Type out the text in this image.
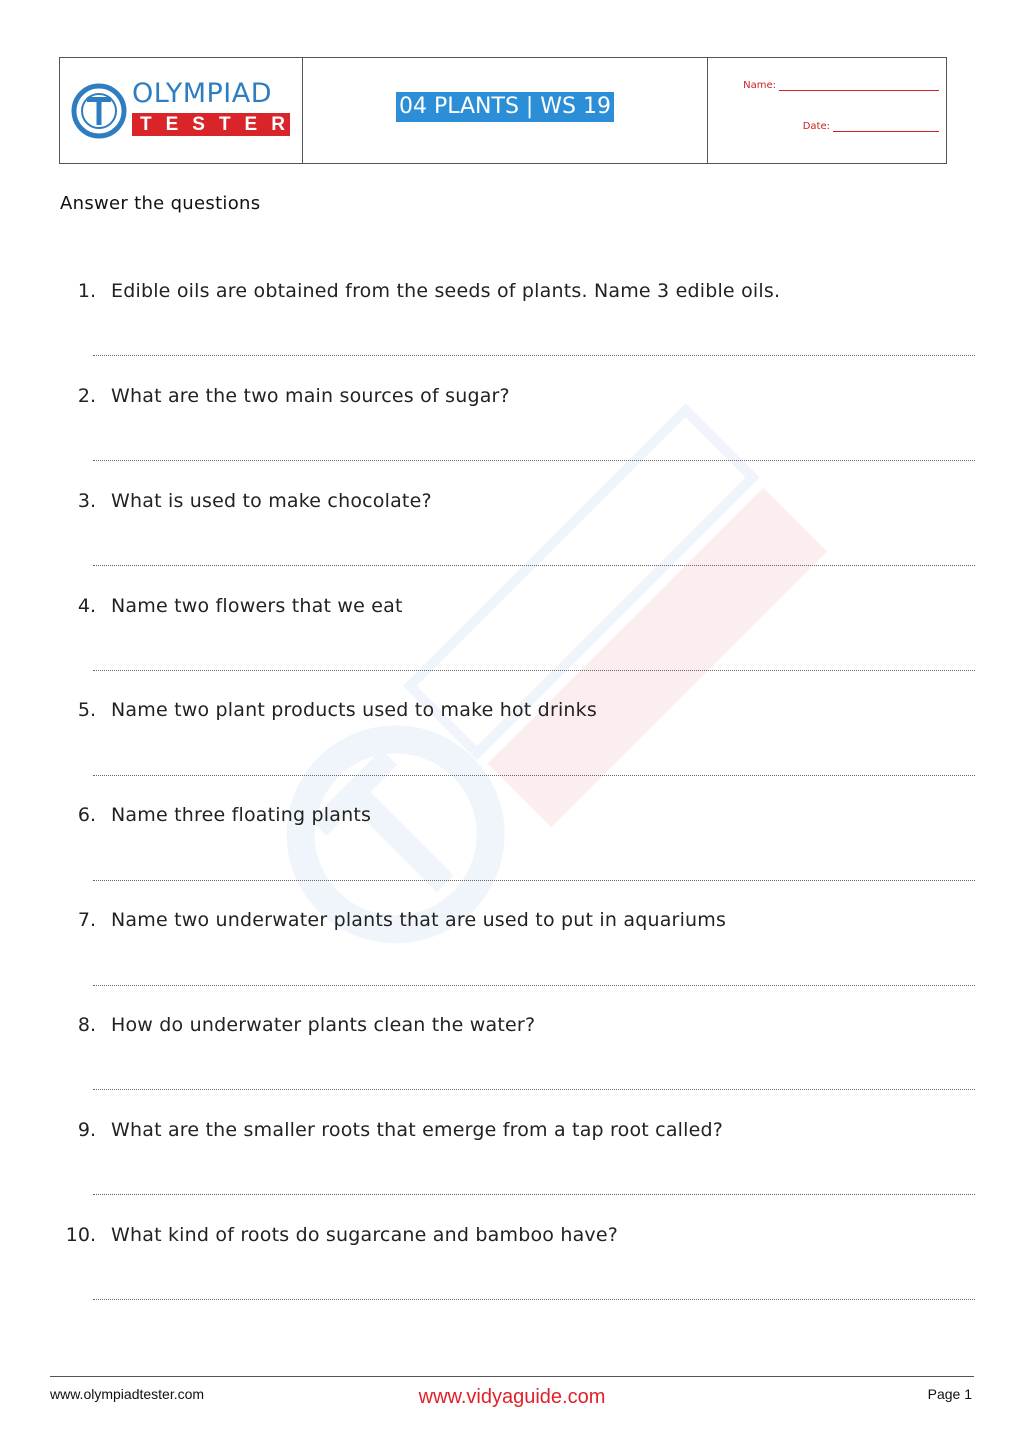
OLYMPIAD
TESTER
04 PLANTS | WS 19
Name:
Date:
Answer the questions
1. Edible oils are obtained from the seeds of plants. Name 3 edible oils.
2. What are the two main sources of sugar?
3. What is used to make chocolate?
4. Name two flowers that we eat
5. Name two plant products used to make hot drinks
6. Name three floating plants
7. Name two underwater plants that are used to put in aquariums
8. How do underwater plants clean the water?
9. What are the smaller roots that emerge from a tap root called?
10. What kind of roots do sugarcane and bamboo have?
www.olympiadtester.com	www.vidyaguide.com	Page 1
